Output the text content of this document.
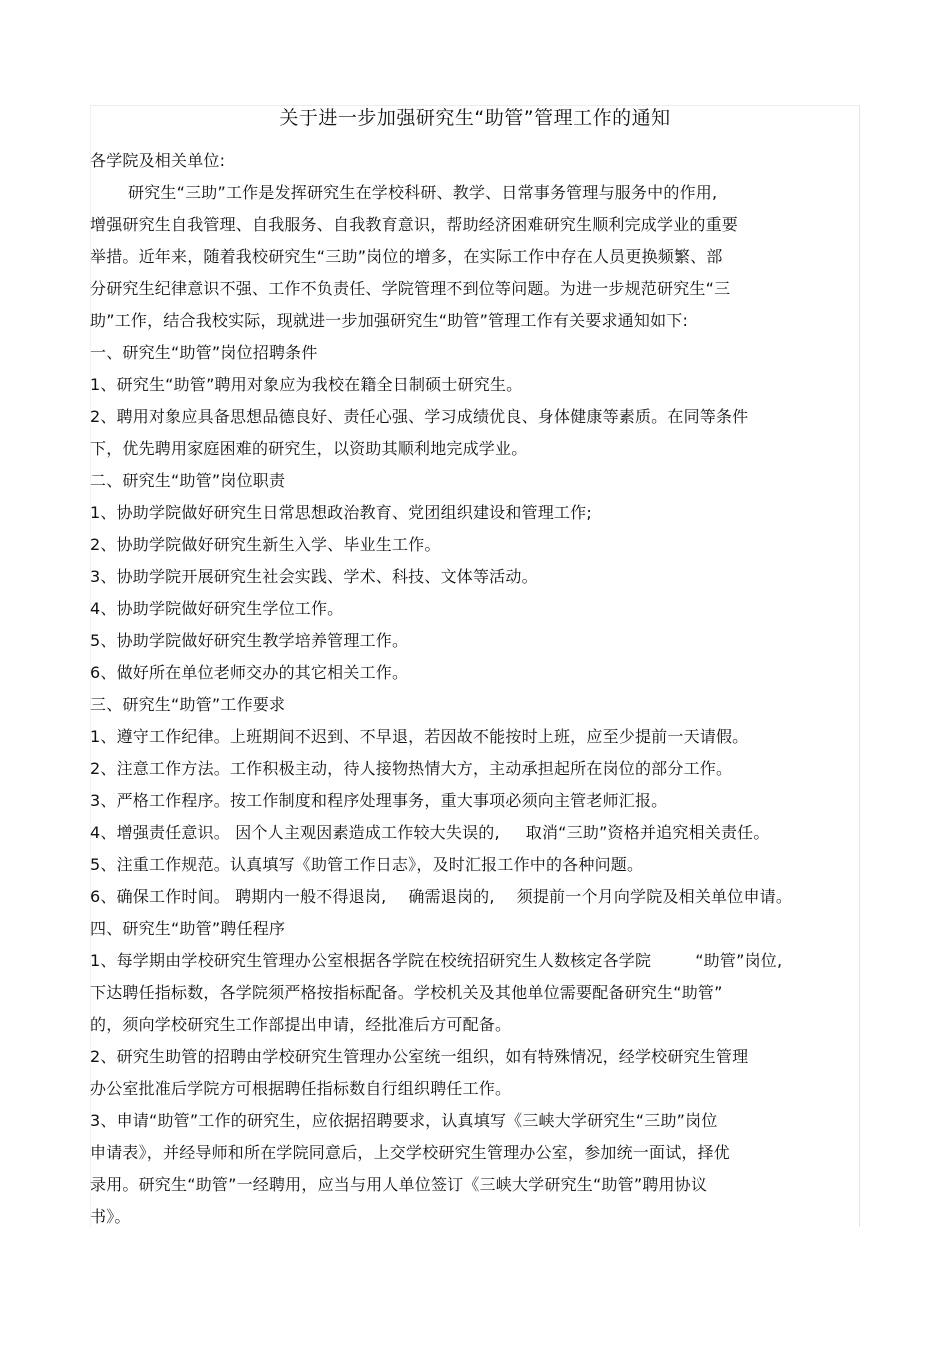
关于进一步加强研究生“助管”管理工作的通知
各学院及相关单位:
研究生“三助”工作是发挥研究生在学校科研、教学、日常事务管理与服务中的作用,
增强研究生自我管理、自我服务、自我教育意识，帮助经济困难研究生顺利完成学业的重要
举措。近年来，随着我校研究生“三助”岗位的增多，在实际工作中存在人员更换频繁、部
分研究生纪律意识不强、工作不负责任、学院管理不到位等问题。为进一步规范研究生“三
助”工作，结合我校实际，现就进一步加强研究生“助管”管理工作有关要求通知如下:
一、研究生“助管”岗位招聘条件
1、研究生“助管”聘用对象应为我校在籍全日制硕士研究生。
2、聘用对象应具备思想品德良好、责任心强、学习成绩优良、身体健康等素质。在同等条件
下，优先聘用家庭困难的研究生，以资助其顺利地完成学业。
二、研究生“助管”岗位职责
1、协助学院做好研究生日常思想政治教育、党团组织建设和管理工作;
2、协助学院做好研究生新生入学、毕业生工作。
3、协助学院开展研究生社会实践、学术、科技、文体等活动。
4、协助学院做好研究生学位工作。
5、协助学院做好研究生教学培养管理工作。
6、做好所在单位老师交办的其它相关工作。
三、研究生“助管”工作要求
1、遵守工作纪律。上班期间不迟到、不早退，若因故不能按时上班，应至少提前一天请假。
2、注意工作方法。工作积极主动，待人接物热情大方，主动承担起所在岗位的部分工作。
3、严格工作程序。按工作制度和程序处理事务，重大事项必须向主管老师汇报。
4、增强责任意识。 因个人主观因素造成工作较大失误的, 取消“三助”资格并追究相关责任。
5、注重工作规范。认真填写《助管工作日志》，及时汇报工作中的各种问题。
6、确保工作时间。 聘期内一般不得退岗, 确需退岗的, 须提前一个月向学院及相关单位申请。
四、研究生“助管”聘任程序
1、每学期由学校研究生管理办公室根据各学院在校统招研究生人数核定各学院	“助管”岗位,
下达聘任指标数，各学院须严格按指标配备。学校机关及其他单位需要配备研究生“助管”
的，须向学校研究生工作部提出申请，经批准后方可配备。
2、研究生助管的招聘由学校研究生管理办公室统一组织，如有特殊情况，经学校研究生管理
办公室批准后学院方可根据聘任指标数自行组织聘任工作。
3、申请“助管”工作的研究生，应依据招聘要求，认真填写《三峡大学研究生“三助”岗位
申请表》，并经导师和所在学院同意后，上交学校研究生管理办公室，参加统一面试，择优
录用。研究生“助管”一经聘用，应当与用人单位签订《三峡大学研究生“助管”聘用协议
书》。
